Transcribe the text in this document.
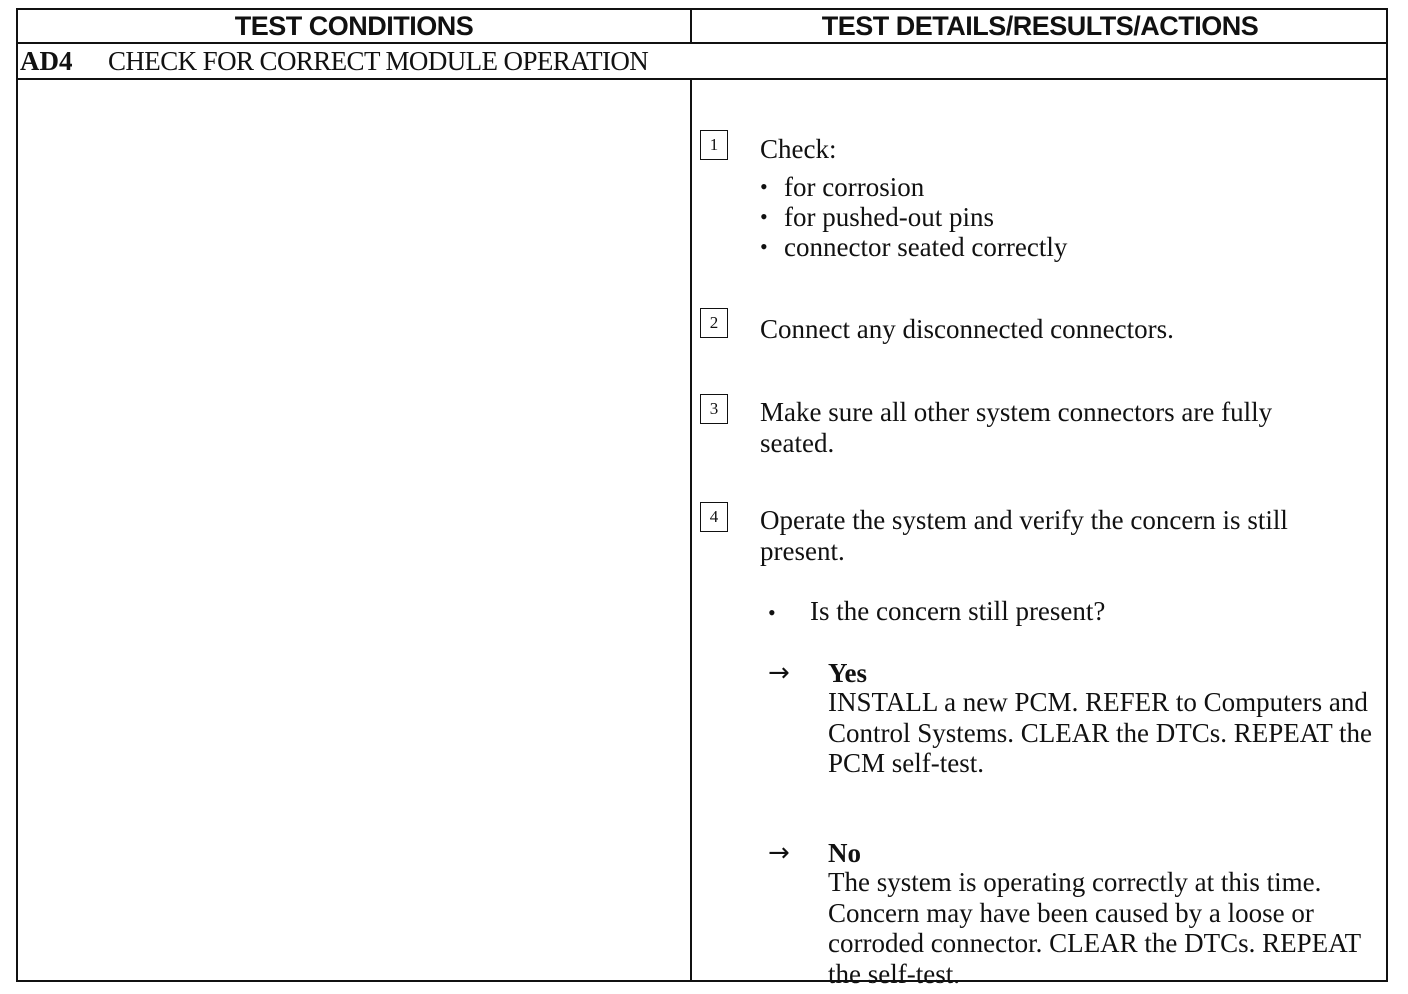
TEST CONDITIONS	TEST DETAILS/RESULTS/ACTIONS
AD4	CHECK FOR CORRECT MODULE OPERATION
1	Check:
• for corrosion
• for pushed-out pins
• connector seated correctly
2	Connect any disconnected connectors.
3	Make sure all other system connectors are fully seated.
4	Operate the system and verify the concern is still present.
• Is the concern still present?
→ Yes
INSTALL a new PCM. REFER to Computers and Control Systems. CLEAR the DTCs. REPEAT the PCM self-test.
→ No
The system is operating correctly at this time. Concern may have been caused by a loose or corroded connector. CLEAR the DTCs. REPEAT the self-test.
